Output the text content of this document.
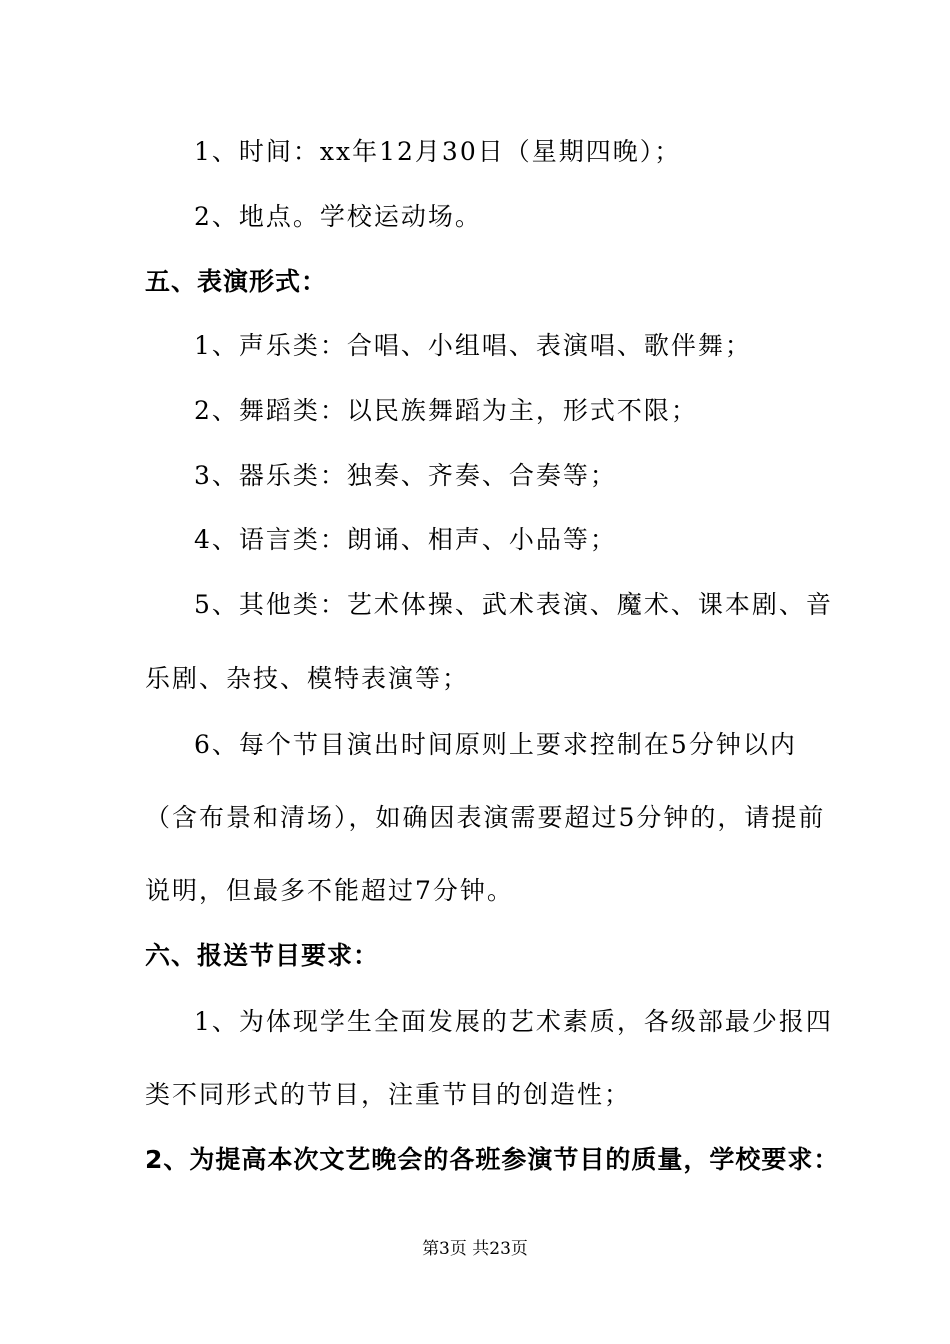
1、时间：xx年12月30日（星期四晚）；

2、地点。学校运动场。

五、表演形式：

1、声乐类：合唱、小组唱、表演唱、歌伴舞；

2、舞蹈类：以民族舞蹈为主，形式不限；

3、器乐类：独奏、齐奏、合奏等；

4、语言类：朗诵、相声、小品等；

5、其他类：艺术体操、武术表演、魔术、课本剧、音

乐剧、杂技、模特表演等；

6、每个节目演出时间原则上要求控制在5分钟以内

（含布景和清场），如确因表演需要超过5分钟的，请提前

说明，但最多不能超过7分钟。

六、报送节目要求：

1、为体现学生全面发展的艺术素质，各级部最少报四

类不同形式的节目，注重节目的创造性；

2、为提高本次文艺晚会的各班参演节目的质量，学校要求：

第3页 共23页
